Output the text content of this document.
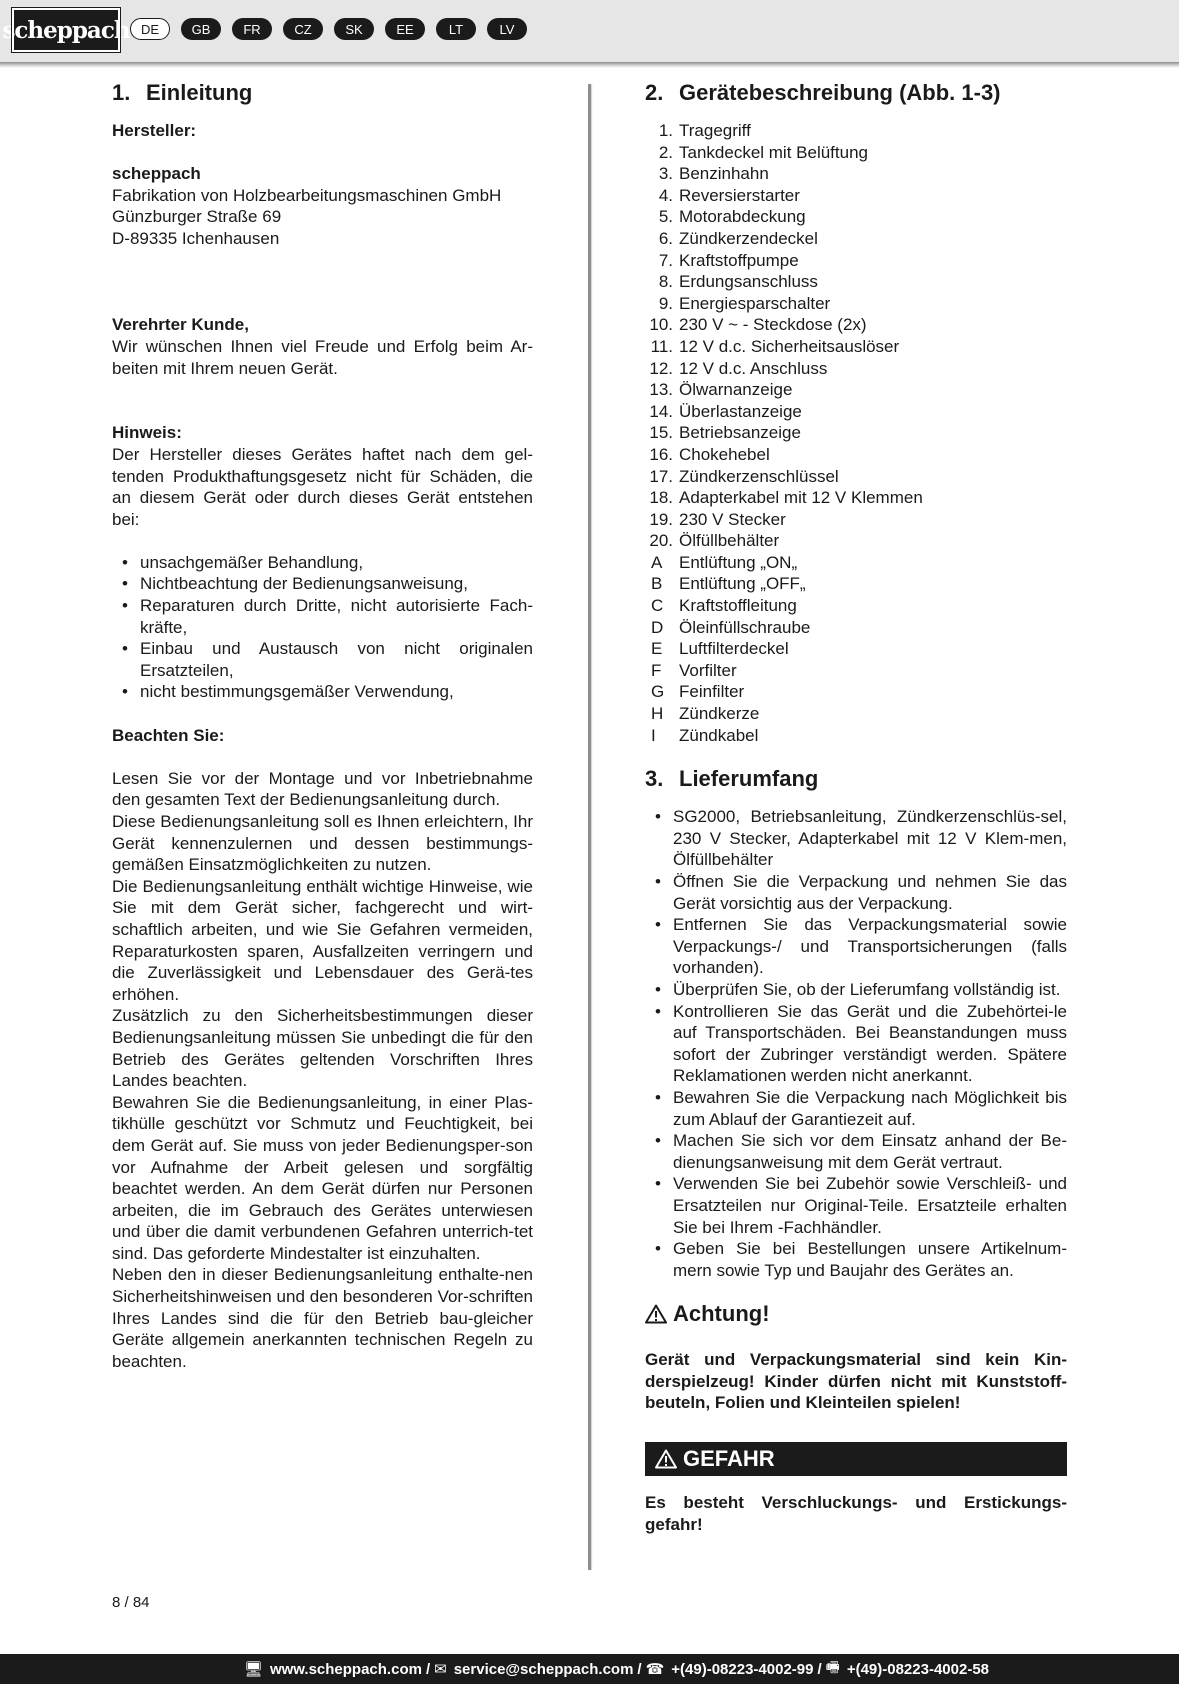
scheppach DE	GB	FR	CZ	SK	EE	LT	LV
1. Einleitung
Hersteller:
scheppach
Fabrikation von Holzbearbeitungsmaschinen GmbH
Günzburger Straße 69
D-89335 Ichenhausen
Verehrter Kunde,
Wir wünschen Ihnen viel Freude und Erfolg beim Ar-beiten mit Ihrem neuen Gerät.
Hinweis:
Der Hersteller dieses Gerätes haftet nach dem gel-tenden Produkthaftungsgesetz nicht für Schäden, die an diesem Gerät oder durch dieses Gerät entstehen bei:
• unsachgemäßer Behandlung,
• Nichtbeachtung der Bedienungsanweisung,
• Reparaturen durch Dritte, nicht autorisierte Fach-kräfte,
• Einbau und Austausch von nicht originalen Ersatzteilen,
• nicht bestimmungsgemäßer Verwendung,
Beachten Sie:
Lesen Sie vor der Montage und vor Inbetriebnahme den gesamten Text der Bedienungsanleitung durch.
Diese Bedienungsanleitung soll es Ihnen erleichtern, Ihr Gerät kennenzulernen und dessen bestimmungs-gemäßen Einsatzmöglichkeiten zu nutzen.
Die Bedienungsanleitung enthält wichtige Hinweise, wie Sie mit dem Gerät sicher, fachgerecht und wirt-schaftlich arbeiten, und wie Sie Gefahren vermeiden, Reparaturkosten sparen, Ausfallzeiten verringern und die Zuverlässigkeit und Lebensdauer des Gerä-tes erhöhen.
Zusätzlich zu den Sicherheitsbestimmungen dieser Bedienungsanleitung müssen Sie unbedingt die für den Betrieb des Gerätes geltenden Vorschriften Ihres Landes beachten.
Bewahren Sie die Bedienungsanleitung, in einer Plas-tikhülle geschützt vor Schmutz und Feuchtigkeit, bei dem Gerät auf. Sie muss von jeder Bedienungsper-son vor Aufnahme der Arbeit gelesen und sorgfältig beachtet werden. An dem Gerät dürfen nur Personen arbeiten, die im Gebrauch des Gerätes unterwiesen und über die damit verbundenen Gefahren unterrich-tet sind. Das geforderte Mindestalter ist einzuhalten.
Neben den in dieser Bedienungsanleitung enthalte-nen Sicherheitshinweisen und den besonderen Vor-schriften Ihres Landes sind die für den Betrieb bau-gleicher Geräte allgemein anerkannten technischen Regeln zu beachten.
2. Gerätebeschreibung (Abb. 1-3)
1. Tragegriff
2. Tankdeckel mit Belüftung
3. Benzinhahn
4. Reversierstarter
5. Motorabdeckung
6. Zündkerzendeckel
7. Kraftstoffpumpe
8. Erdungsanschluss
9. Energiesparschalter
10. 230 V ~ - Steckdose (2x)
11. 12 V d.c. Sicherheitsauslöser
12. 12 V d.c. Anschluss
13. Ölwarnanzeige
14. Überlastanzeige
15. Betriebsanzeige
16. Chokehebel
17. Zündkerzenschlüssel
18. Adapterkabel mit 12 V Klemmen
19. 230 V Stecker
20. Ölfüllbehälter
A Entlüftung „ON„
B Entlüftung „OFF„
C Kraftstoffleitung
D Öleinfüllschraube
E Luftfilterdeckel
F	Vorfilter
G Feinfilter
H Zündkerze
I	Zündkabel
3. Lieferumfang
• SG2000, Betriebsanleitung, Zündkerzenschlüs-sel, 230 V Stecker, Adapterkabel mit 12 V Klem-men, Ölfüllbehälter
• Öffnen Sie die Verpackung und nehmen Sie das Gerät vorsichtig aus der Verpackung.
• Entfernen Sie das Verpackungsmaterial sowie Verpackungs-/ und Transportsicherungen (falls vorhanden).
• Überprüfen Sie, ob der Lieferumfang vollständig ist.
• Kontrollieren Sie das Gerät und die Zubehörtei-le auf Transportschäden. Bei Beanstandungen muss sofort der Zubringer verständigt werden. Spätere Reklamationen werden nicht anerkannt.
• Bewahren Sie die Verpackung nach Möglichkeit bis zum Ablauf der Garantiezeit auf.
• Machen Sie sich vor dem Einsatz anhand der Be-dienungsanweisung mit dem Gerät vertraut.
• Verwenden Sie bei Zubehör sowie Verschleiß- und Ersatzteilen nur Original-Teile. Ersatzteile erhalten Sie bei Ihrem -Fachhändler.
• Geben Sie bei Bestellungen unsere Artikelnum-mern sowie Typ und Baujahr des Gerätes an.
Achtung!
Gerät und Verpackungsmaterial sind kein Kin-derspielzeug! Kinder dürfen nicht mit Kunststoff-beuteln, Folien und Kleinteilen spielen!
GEFAHR
Es besteht Verschluckungs- und Erstickungs-gefahr!
8 / 84
🖥 www.scheppach.com / ✉ service@scheppach.com / ☎ +(49)-08223-4002-99 / 🖷 +(49)-08223-4002-58
